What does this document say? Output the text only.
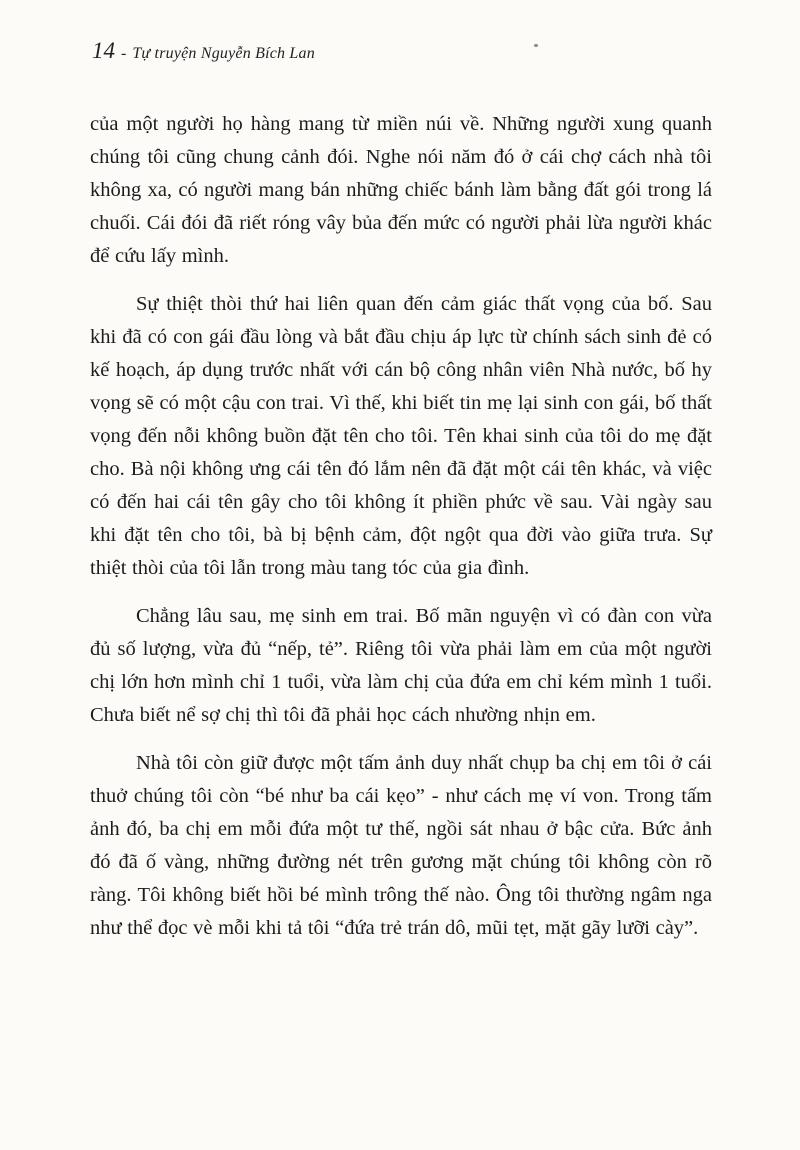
14 - Tự truyện Nguyễn Bích Lan

của một người họ hàng mang từ miền núi về. Những người xung quanh chúng tôi cũng chung cảnh đói. Nghe nói năm đó ở cái chợ cách nhà tôi không xa, có người mang bán những chiếc bánh làm bằng đất gói trong lá chuối. Cái đói đã riết róng vây bủa đến mức có người phải lừa người khác để cứu lấy mình.

Sự thiệt thòi thứ hai liên quan đến cảm giác thất vọng của bố. Sau khi đã có con gái đầu lòng và bắt đầu chịu áp lực từ chính sách sinh đẻ có kế hoạch, áp dụng trước nhất với cán bộ công nhân viên Nhà nước, bố hy vọng sẽ có một cậu con trai. Vì thế, khi biết tin mẹ lại sinh con gái, bố thất vọng đến nỗi không buồn đặt tên cho tôi. Tên khai sinh của tôi do mẹ đặt cho. Bà nội không ưng cái tên đó lắm nên đã đặt một cái tên khác, và việc có đến hai cái tên gây cho tôi không ít phiền phức về sau. Vài ngày sau khi đặt tên cho tôi, bà bị bệnh cảm, đột ngột qua đời vào giữa trưa. Sự thiệt thòi của tôi lẫn trong màu tang tóc của gia đình.

Chẳng lâu sau, mẹ sinh em trai. Bố mãn nguyện vì có đàn con vừa đủ số lượng, vừa đủ “nếp, tẻ”. Riêng tôi vừa phải làm em của một người chị lớn hơn mình chỉ 1 tuổi, vừa làm chị của đứa em chỉ kém mình 1 tuổi. Chưa biết nể sợ chị thì tôi đã phải học cách nhường nhịn em.

Nhà tôi còn giữ được một tấm ảnh duy nhất chụp ba chị em tôi ở cái thuở chúng tôi còn “bé như ba cái kẹo” - như cách mẹ ví von. Trong tấm ảnh đó, ba chị em mỗi đứa một tư thế, ngồi sát nhau ở bậc cửa. Bức ảnh đó đã ố vàng, những đường nét trên gương mặt chúng tôi không còn rõ ràng. Tôi không biết hồi bé mình trông thế nào. Ông tôi thường ngâm nga như thể đọc vè mỗi khi tả tôi “đứa trẻ trán dô, mũi tẹt, mặt gãy lưỡi cày”.
